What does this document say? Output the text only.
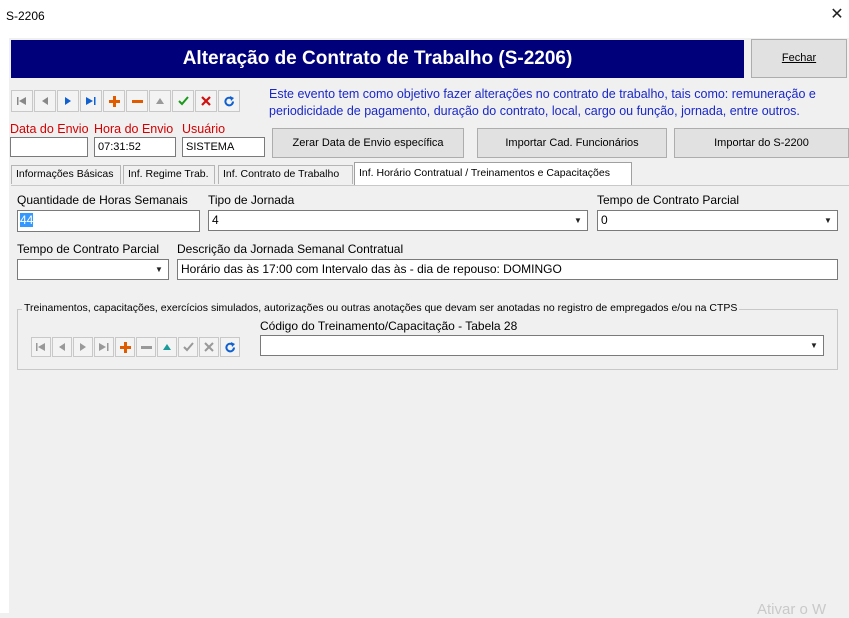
S-2206	✕
Alteração de Contrato de Trabalho (S-2206)	Fechar
Este evento tem como objetivo fazer alterações no contrato de trabalho, tais como: remuneração e periodicidade de pagamento, duração do contrato, local, cargo ou função, jornada, entre outros.
Data do Envio Hora do Envio
07:31:52
Usuário
SISTEMA	Zerar Data de Envio específica	Importar Cad. Funcionários	Importar do S-2200
Informações Básicas	Inf. Regime Trab.	Inf. Contrato de Trabalho	Inf. Horário Contratual / Treinamentos e Capacitações
Quantidade de Horas Semanais
44
Tipo de Jornada
4	▼
Tempo de Contrato Parcial
0	▼
Tempo de Contrato Parcial
▼
Descrição da Jornada Semanal Contratual
Horário das às 17:00 com Intervalo das às - dia de repouso: DOMINGO
Treinamentos, capacitações, exercícios simulados, autorizações ou outras anotações que devam ser anotadas no registro de empregados e/ou na CTPS
Código do Treinamento/Capacitação - Tabela 28
▼
Ativar o W
